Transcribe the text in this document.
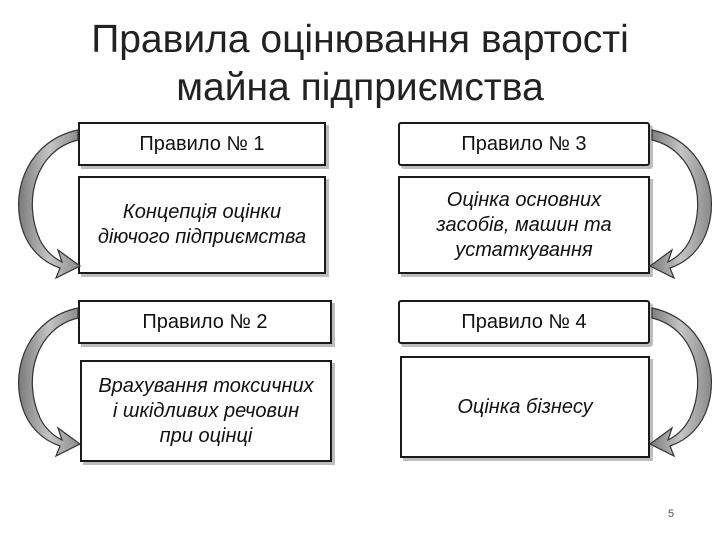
Правила оцінювання вартості
майна підприємства
Правило № 1
Концепція оцінки
діючого підприємства
Правило № 2
Врахування токсичних
і шкідливих речовин
при оцінці
Правило № 3
Оцінка основних
засобів, машин та
устаткування
Правило № 4
Оцінка бізнесу
5
